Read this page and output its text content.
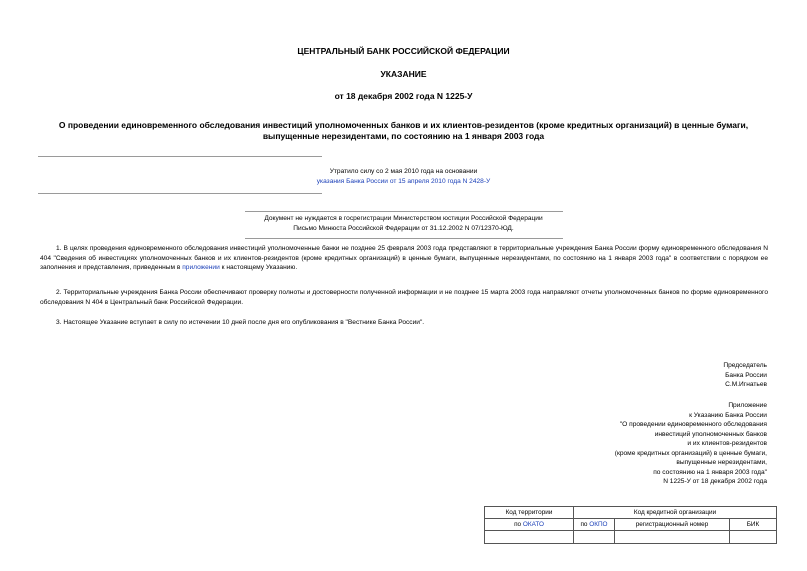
ЦЕНТРАЛЬНЫЙ БАНК РОССИЙСКОЙ ФЕДЕРАЦИИ
УКАЗАНИЕ
от 18 декабря 2002 года N 1225-У
О проведении единовременного обследования инвестиций уполномоченных банков и их клиентов-резидентов (кроме кредитных организаций) в ценные бумаги,
выпущенные нерезидентами, по состоянию на 1 января 2003 года
Утратило силу со 2 мая 2010 года на основании
указания Банка России от 15 апреля 2010 года N 2428-У
Документ не нуждается в госрегистрации Министерством юстиции Российской Федерации
Письмо Минюста Российской Федерации от 31.12.2002 N 07/12370-ЮД.
1. В целях проведения единовременного обследования инвестиций уполномоченные банки не позднее 25 февраля 2003 года представляют в территориальные учреждения Банка России форму единовременного обследования N 404 "Сведения об инвестициях уполномоченных банков и их клиентов-резидентов (кроме кредитных организаций) в ценные бумаги, выпущенные нерезидентами, по состоянию на 1 января 2003 года" в соответствии с порядком ее заполнения и представления, приведенным в приложении к настоящему Указанию.
2. Территориальные учреждения Банка России обеспечивают проверку полноты и достоверности полученной информации и не позднее 15 марта 2003 года направляют отчеты уполномоченных банков по форме единовременного обследования N 404 в Центральный банк Российской Федерации.
3. Настоящее Указание вступает в силу по истечении 10 дней после дня его опубликования в "Вестнике Банка России".
Председатель
Банка России
С.М.Игнатьев
Приложение
к Указанию Банка России
"О проведении единовременного обследования
инвестиций уполномоченных банков
и их клиентов-резидентов
(кроме кредитных организаций) в ценные бумаги,
выпущенные нерезидентами,
по состоянию на 1 января 2003 года"
N 1225-У от 18 декабря 2002 года
Код территории	Код кредитной организации		
по ОКАТО	по ОКПО	регистрационный номер	БИК
